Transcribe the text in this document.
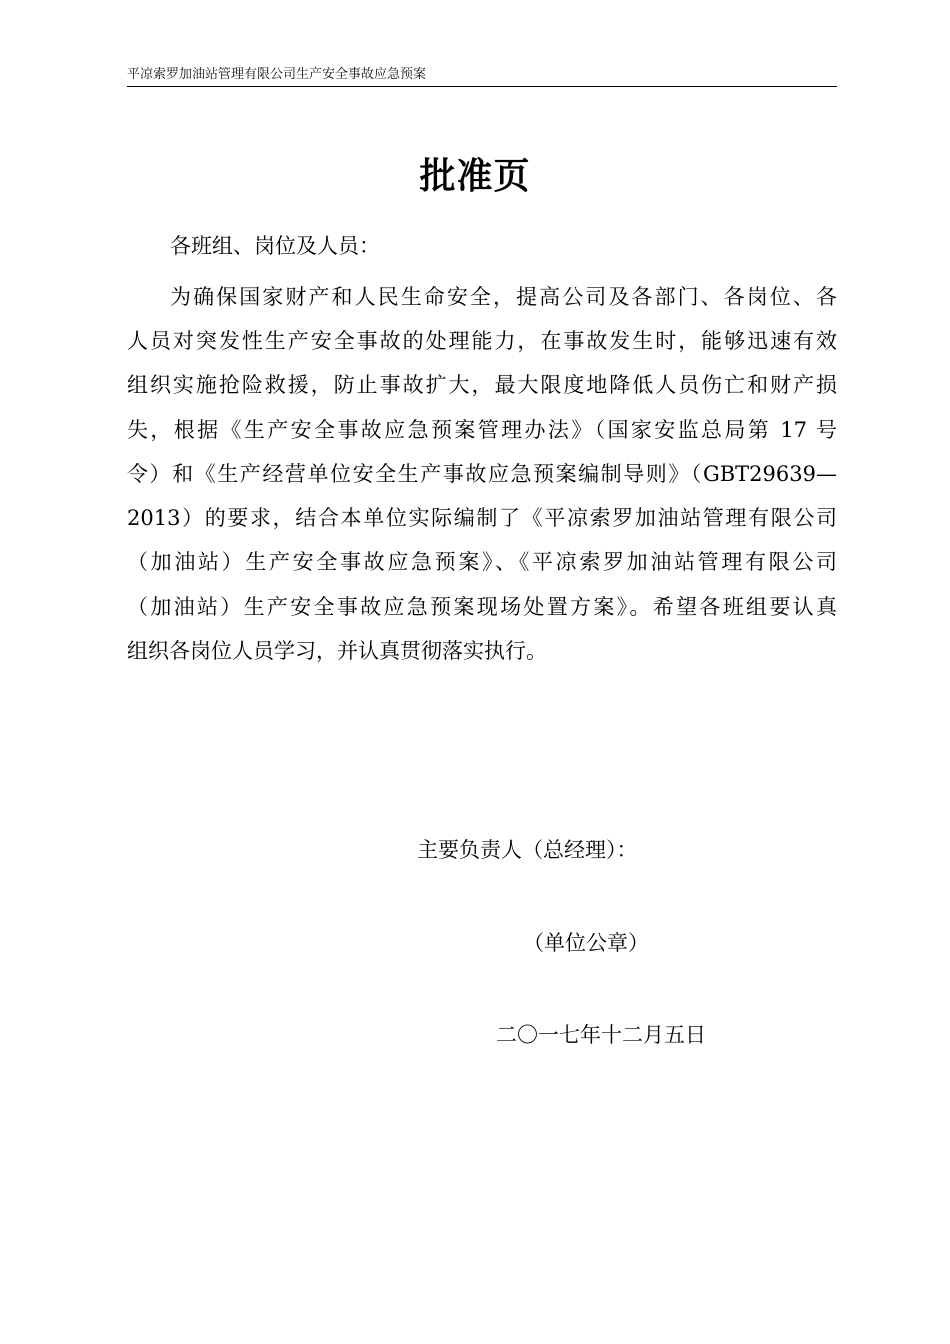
平凉索罗加油站管理有限公司生产安全事故应急预案
批准页
各班组、岗位及人员：
为确保国家财产和人民生命安全，提高公司及各部门、各岗位、各
人员对突发性生产安全事故的处理能力，在事故发生时，能够迅速有效
组织实施抢险救援，防止事故扩大，最大限度地降低人员伤亡和财产损
失，根据《生产安全事故应急预案管理办法》（国家安监总局第 17 号
令）和《生产经营单位安全生产事故应急预案编制导则》（GBT29639—
2013）的要求，结合本单位实际编制了《平凉索罗加油站管理有限公司
（加油站）生产安全事故应急预案》、《平凉索罗加油站管理有限公司
（加油站）生产安全事故应急预案现场处置方案》。希望各班组要认真
组织各岗位人员学习，并认真贯彻落实执行。
主要负责人（总经理）：
（单位公章）
二〇一七年十二月五日
